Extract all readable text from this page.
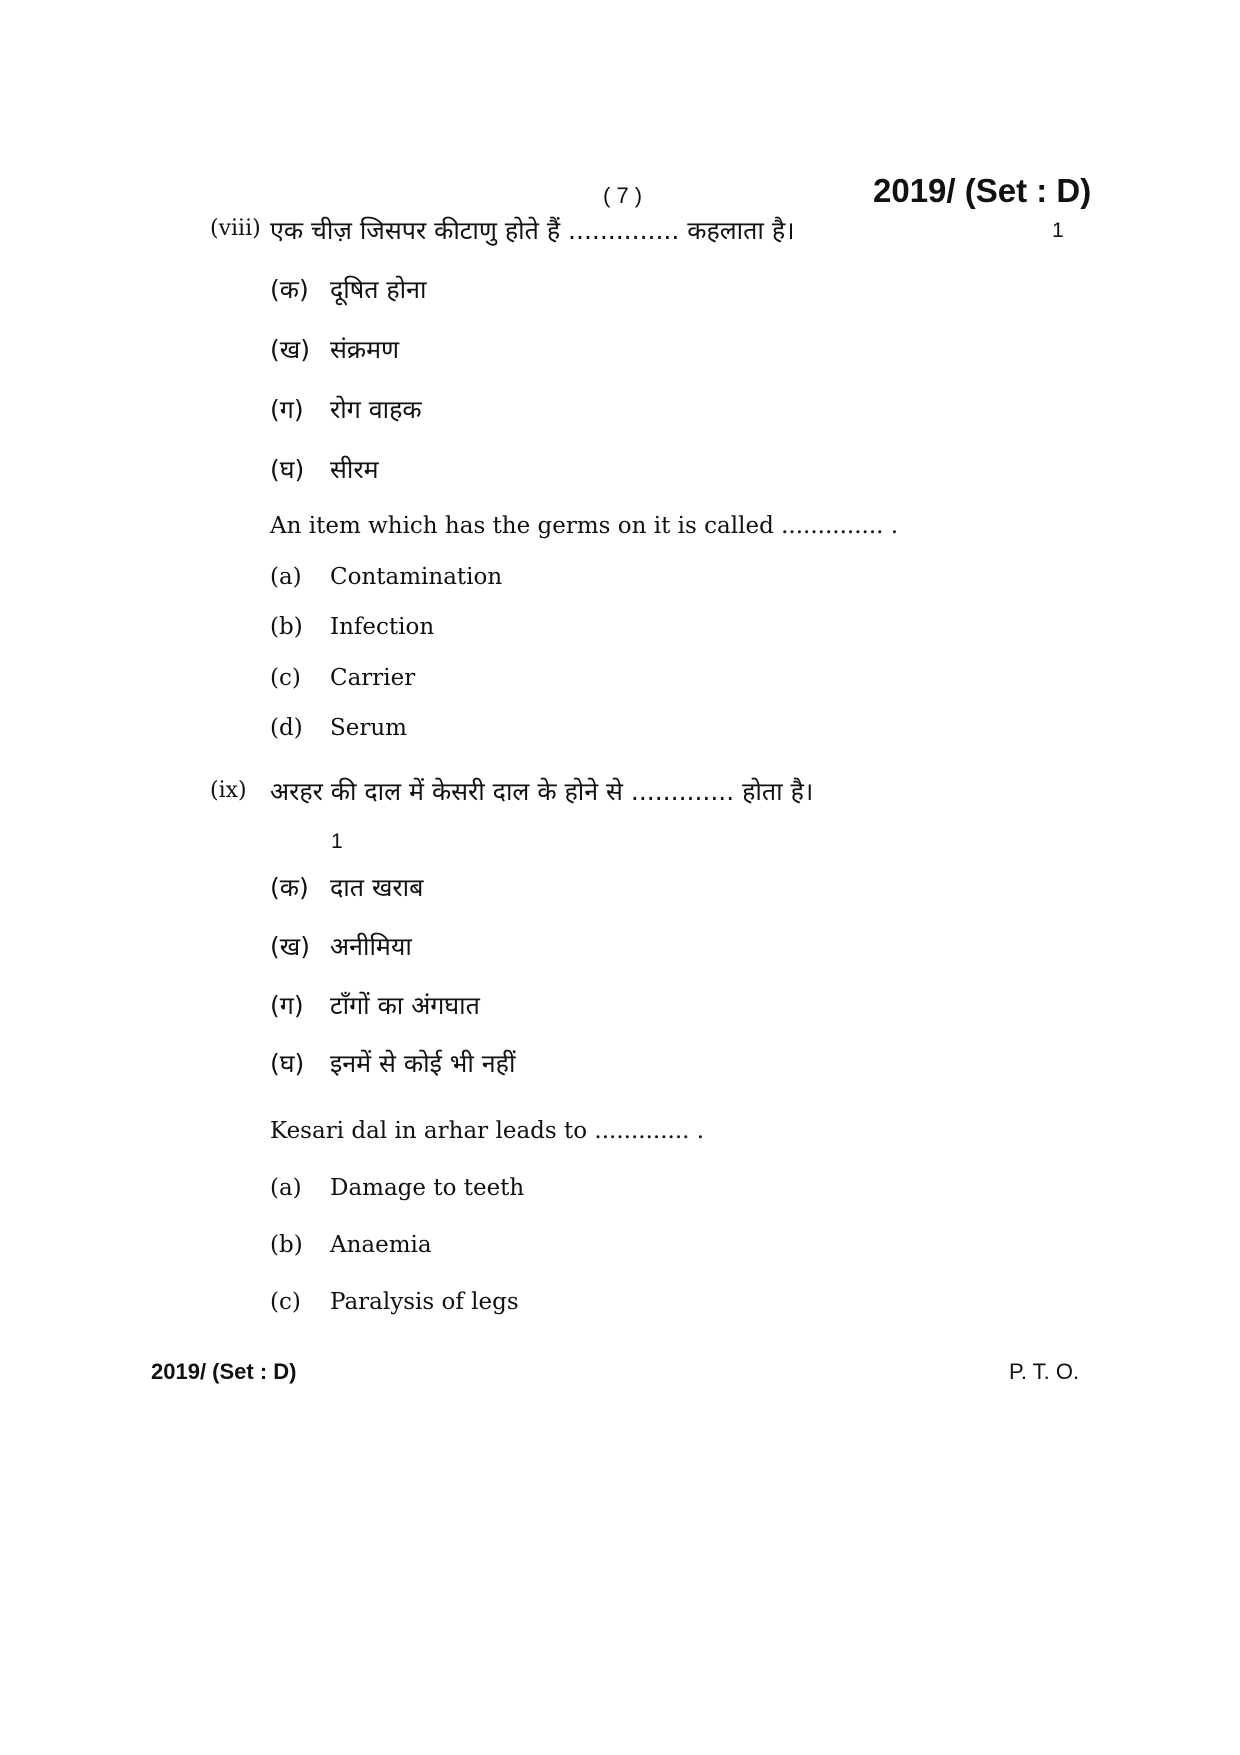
( 7 )	2019/ (Set : D)
(viii) एक चीज़ जिसपर कीटाणु होते हैं .............. कहलाता है।	1
(क) दूषित होना
(ख) संक्रमण
(ग) रोग वाहक
(घ) सीरम
An item which has the germs on it is called .............. .
(a) Contamination
(b) Infection
(c) Carrier
(d) Serum
(ix) अरहर की दाल में केसरी दाल के होने से ............. होता है।
1
(क) दात खराब
(ख) अनीमिया
(ग) टाँगों का अंगघात
(घ) इनमें से कोई भी नहीं
Kesari dal in arhar leads to ............. .
(a) Damage to teeth
(b) Anaemia
(c) Paralysis of legs
2019/ (Set : D)	P. T. O.
